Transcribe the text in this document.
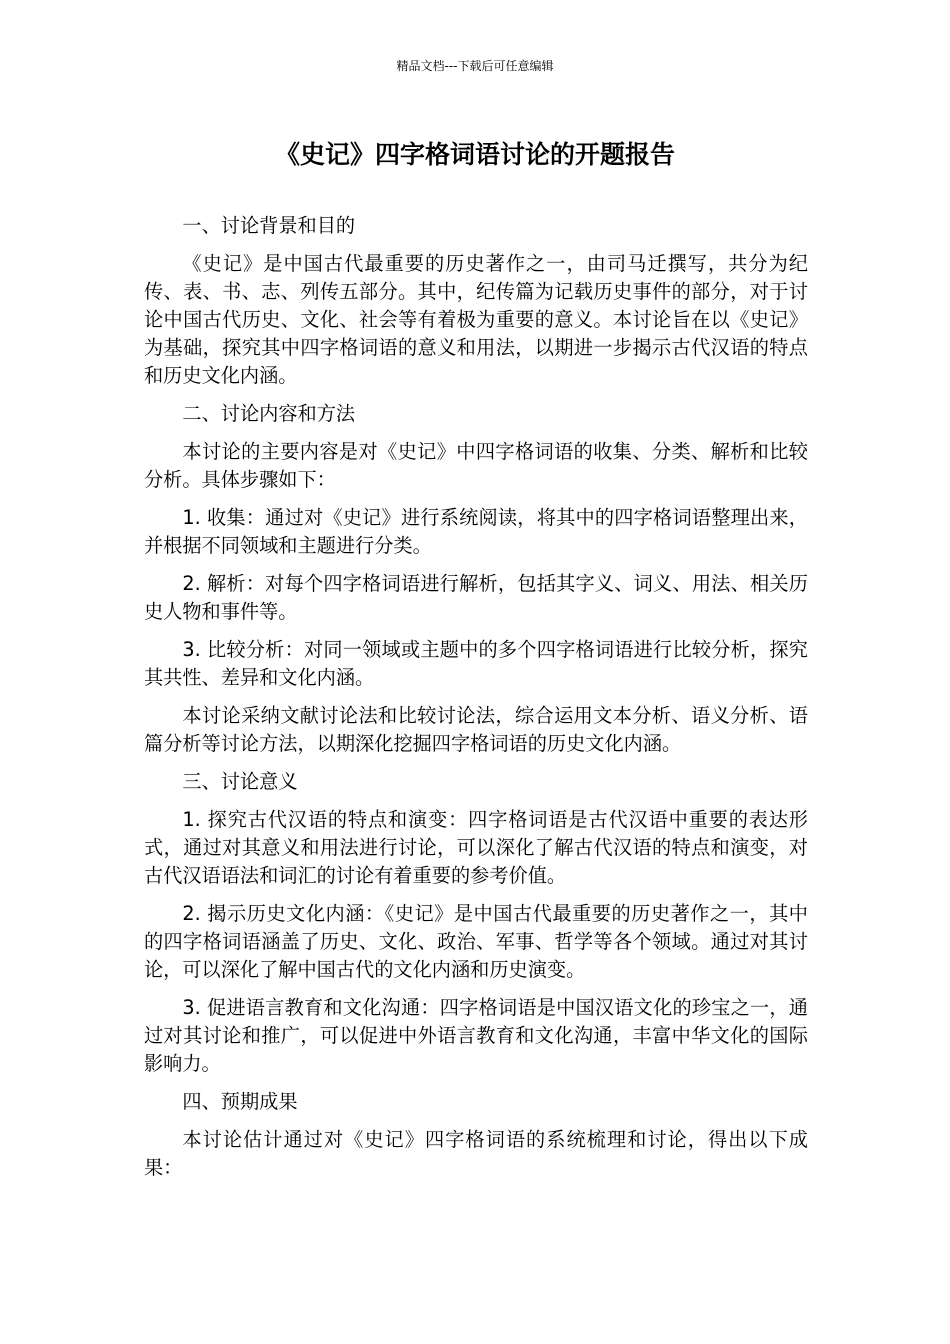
精品文档---下载后可任意编辑
《史记》四字格词语讨论的开题报告

一、讨论背景和目的

《史记》是中国古代最重要的历史著作之一，由司马迁撰写，共分为纪传、表、书、志、列传五部分。其中，纪传篇为记载历史事件的部分，对于讨论中国古代历史、文化、社会等有着极为重要的意义。本讨论旨在以《史记》为基础，探究其中四字格词语的意义和用法，以期进一步揭示古代汉语的特点和历史文化内涵。

二、讨论内容和方法

本讨论的主要内容是对《史记》中四字格词语的收集、分类、解析和比较分析。具体步骤如下：

1. 收集：通过对《史记》进行系统阅读，将其中的四字格词语整理出来，并根据不同领域和主题进行分类。

2. 解析：对每个四字格词语进行解析，包括其字义、词义、用法、相关历史人物和事件等。

3. 比较分析：对同一领域或主题中的多个四字格词语进行比较分析，探究其共性、差异和文化内涵。

本讨论采纳文献讨论法和比较讨论法，综合运用文本分析、语义分析、语篇分析等讨论方法，以期深化挖掘四字格词语的历史文化内涵。

三、讨论意义

1. 探究古代汉语的特点和演变：四字格词语是古代汉语中重要的表达形式，通过对其意义和用法进行讨论，可以深化了解古代汉语的特点和演变，对古代汉语语法和词汇的讨论有着重要的参考价值。

2. 揭示历史文化内涵：《史记》是中国古代最重要的历史著作之一，其中的四字格词语涵盖了历史、文化、政治、军事、哲学等各个领域。通过对其讨论，可以深化了解中国古代的文化内涵和历史演变。

3. 促进语言教育和文化沟通：四字格词语是中国汉语文化的珍宝之一，通过对其讨论和推广，可以促进中外语言教育和文化沟通，丰富中华文化的国际影响力。

四、预期成果

本讨论估计通过对《史记》四字格词语的系统梳理和讨论，得出以下成果：
